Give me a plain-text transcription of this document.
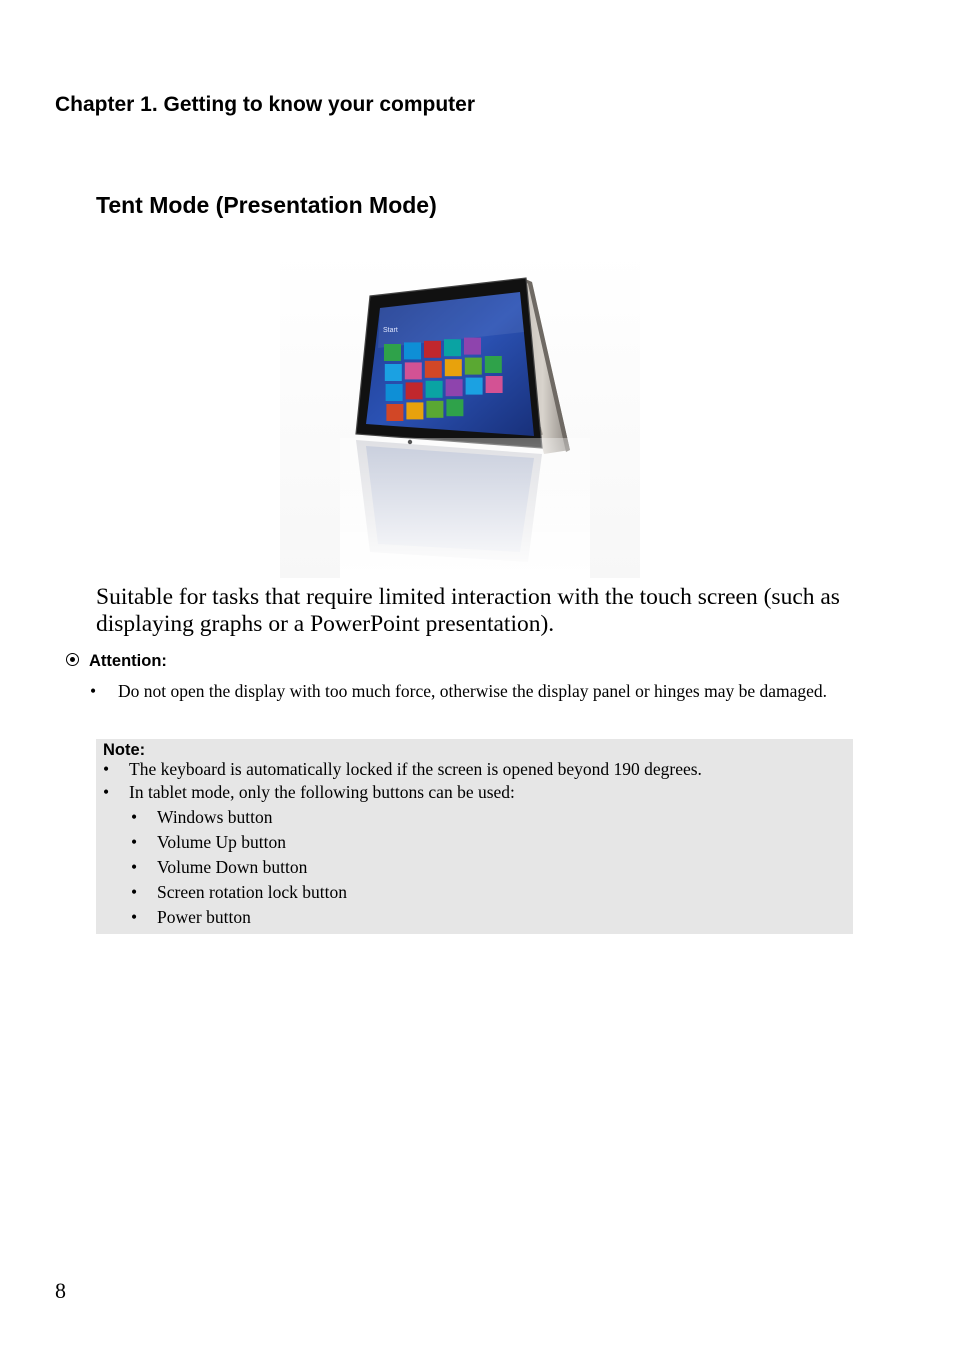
Chapter 1. Getting to know your computer
Tent Mode (Presentation Mode)
Start
Suitable for tasks that require limited interaction with the touch screen (such as displaying graphs or a PowerPoint presentation).
Attention:
•	Do not open the display with too much force, otherwise the display panel or hinges may be damaged.
Note:
•	The keyboard is automatically locked if the screen is opened beyond 190 degrees.
•	In tablet mode, only the following buttons can be used:
•	Windows button
•	Volume Up button
•	Volume Down button
•	Screen rotation lock button
•	Power button
8
